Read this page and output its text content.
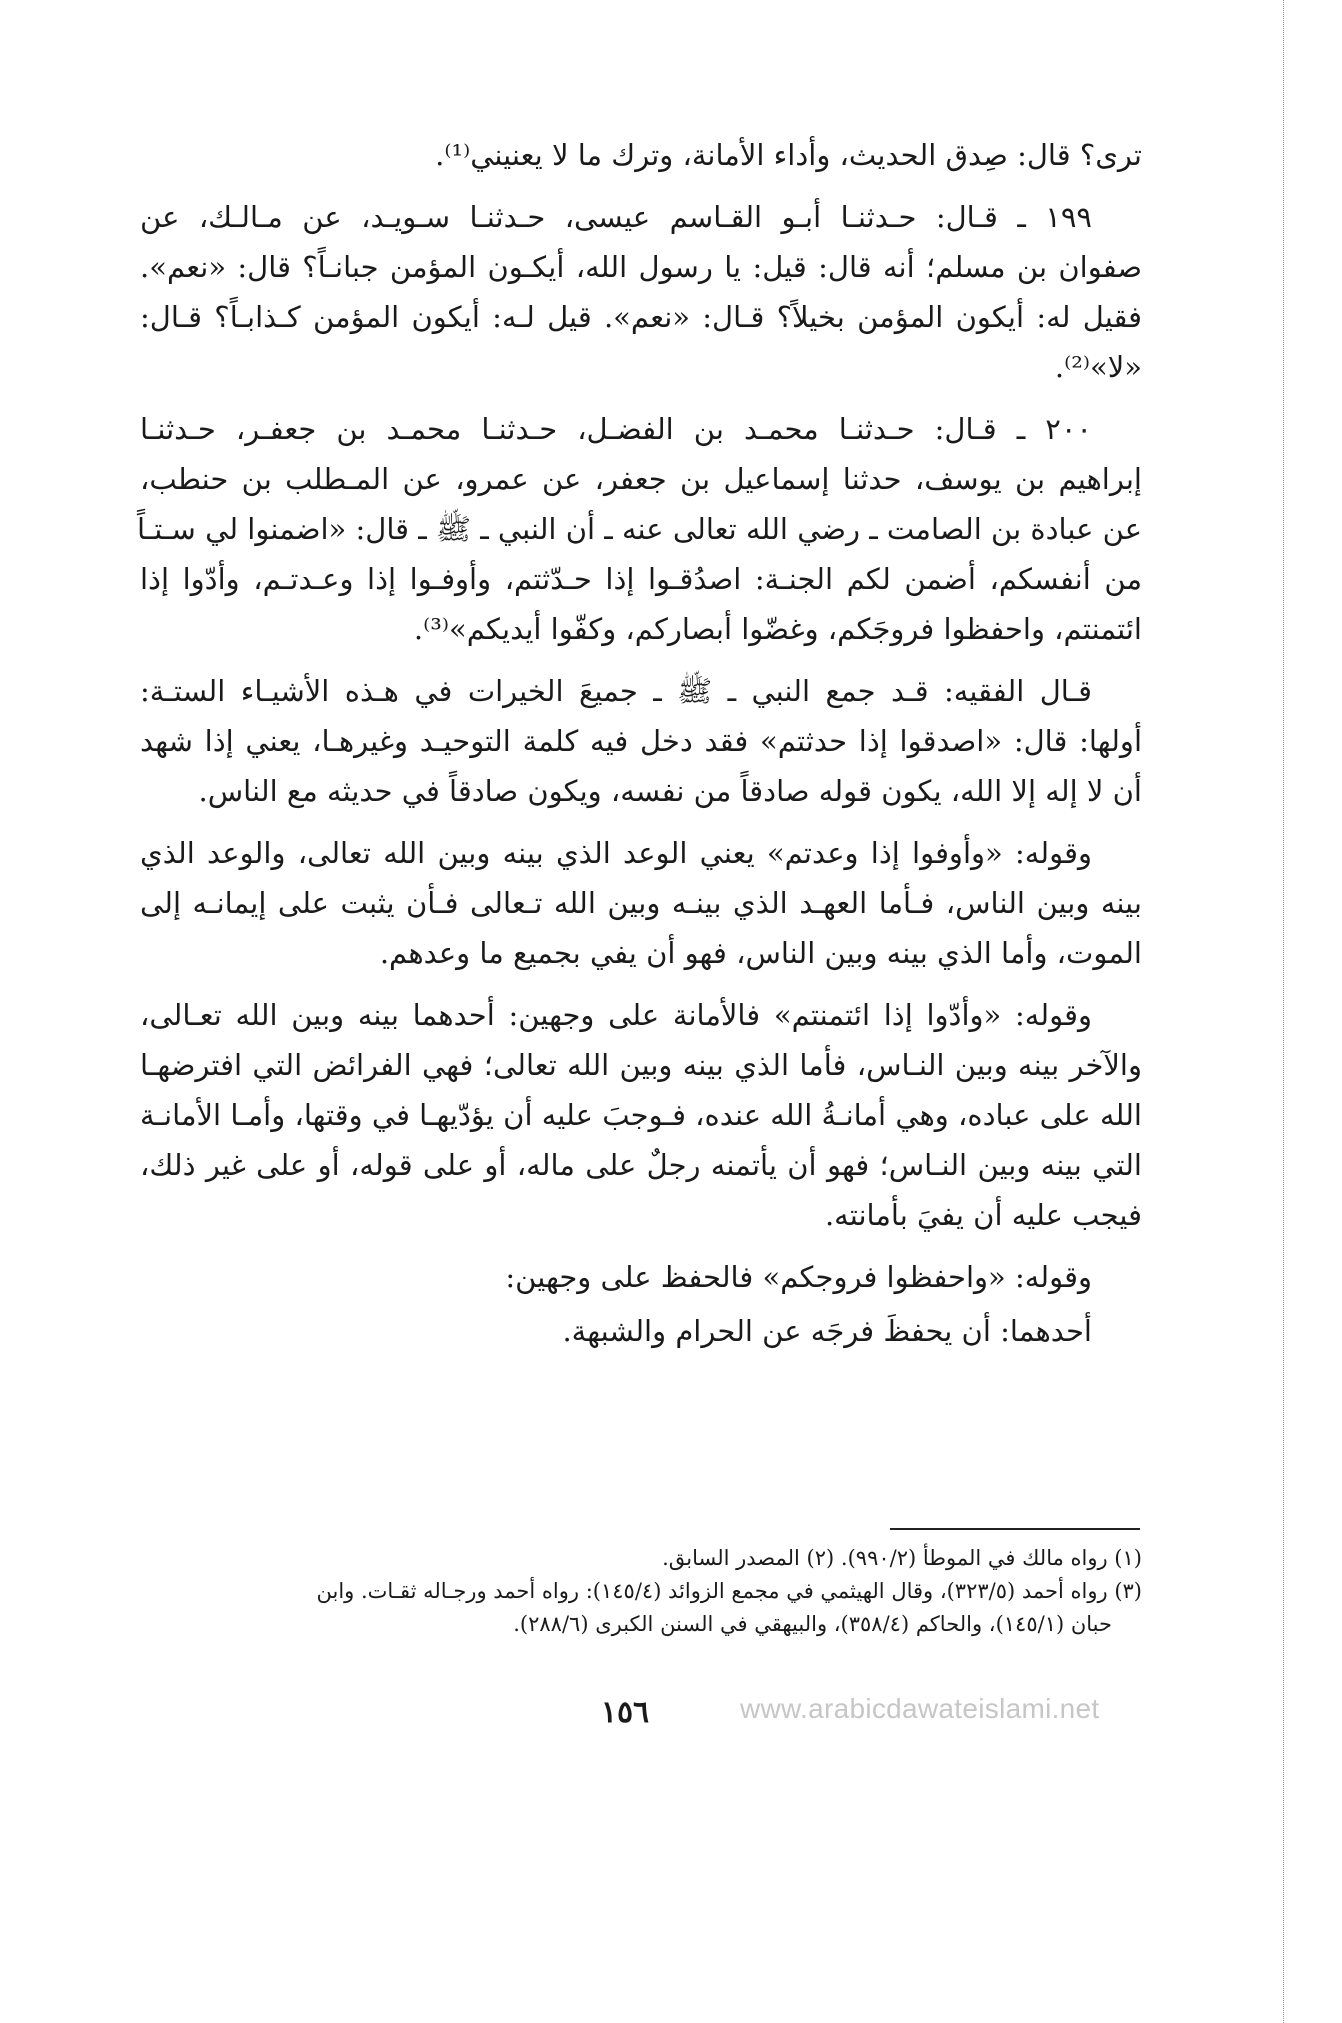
ترى؟ قال: صِدق الحديث، وأداء الأمانة، وترك ما لا يعنيني⁽¹⁾.
١٩٩ ـ قـال: حـدثنـا أبـو القـاسم عيسى، حـدثنـا سـويـد، عن مـالـك، عن
صفوان بن مسلم؛ أنه قال: قيل: يا رسول الله، أيكـون المؤمن جبانـاً؟ قال: «نعم».
فقيل له: أيكون المؤمن بخيلاً؟ قـال: «نعم». قيل لـه: أيكون المؤمن كـذابـاً؟ قـال:
«لا»⁽²⁾.
٢٠٠ ـ قـال: حـدثنـا محمـد بن الفضـل، حـدثنـا محمـد بن جعفـر، حـدثنـا
إبراهيم بن يوسف، حدثنا إسماعيل بن جعفر، عن عمرو، عن المـطلب بن حنطب،
عن عبادة بن الصامت ـ رضي الله تعالى عنه ـ أن النبي ـ ﷺ ـ قال: «اضمنوا لي سـتـاً
من أنفسكم، أضمن لكم الجنـة: اصدُقـوا إذا حـدّثتم، وأوفـوا إذا وعـدتـم، وأدّوا إذا
ائتمنتم، واحفظوا فروجَكم، وغضّوا أبصاركم، وكفّوا أيديكم»⁽³⁾.
قـال الفقيه: قـد جمع النبي ـ ﷺ ـ جميعَ الخيرات في هـذه الأشيـاء الستـة:
أولها: قال: «اصدقوا إذا حدثتم» فقد دخل فيه كلمة التوحيـد وغيرهـا، يعني إذا شهد
أن لا إله إلا الله، يكون قوله صادقاً من نفسه، ويكون صادقاً في حديثه مع الناس.
وقوله: «وأوفوا إذا وعدتم» يعني الوعد الذي بينه وبين الله تعالى، والوعد الذي
بينه وبين الناس، فـأما العهـد الذي بينـه وبين الله تـعالى فـأن يثبت على إيمانـه إلى
الموت، وأما الذي بينه وبين الناس، فهو أن يفي بجميع ما وعدهم.
وقوله: «وأدّوا إذا ائتمنتم» فالأمانة على وجهين: أحدهما بينه وبين الله تعـالى،
والآخر بينه وبين النـاس، فأما الذي بينه وبين الله تعالى؛ فهي الفرائض التي افترضهـا
الله على عباده، وهي أمانـةُ الله عنده، فـوجبَ عليه أن يؤدّيهـا في وقتها، وأمـا الأمانـة
التي بينه وبين النـاس؛ فهو أن يأتمنه رجلٌ على ماله، أو على قوله، أو على غير ذلك،
فيجب عليه أن يفيَ بأمانته.
وقوله: «واحفظوا فروجكم» فالحفظ على وجهين:
أحدهما: أن يحفظَ فرجَه عن الحرام والشبهة.
(١) رواه مالك في الموطأ (٩٩٠/٢). (٢) المصدر السابق.
(٣) رواه أحمد (٣٢٣/٥)، وقال الهيثمي في مجمع الزوائد (١٤٥/٤): رواه أحمد ورجـاله ثقـات. وابن
حبان (١٤٥/١)، والحاكم (٣٥٨/٤)، والبيهقي في السنن الكبرى (٢٨٨/٦).
١٥٦	www.arabicdawateislami.net
